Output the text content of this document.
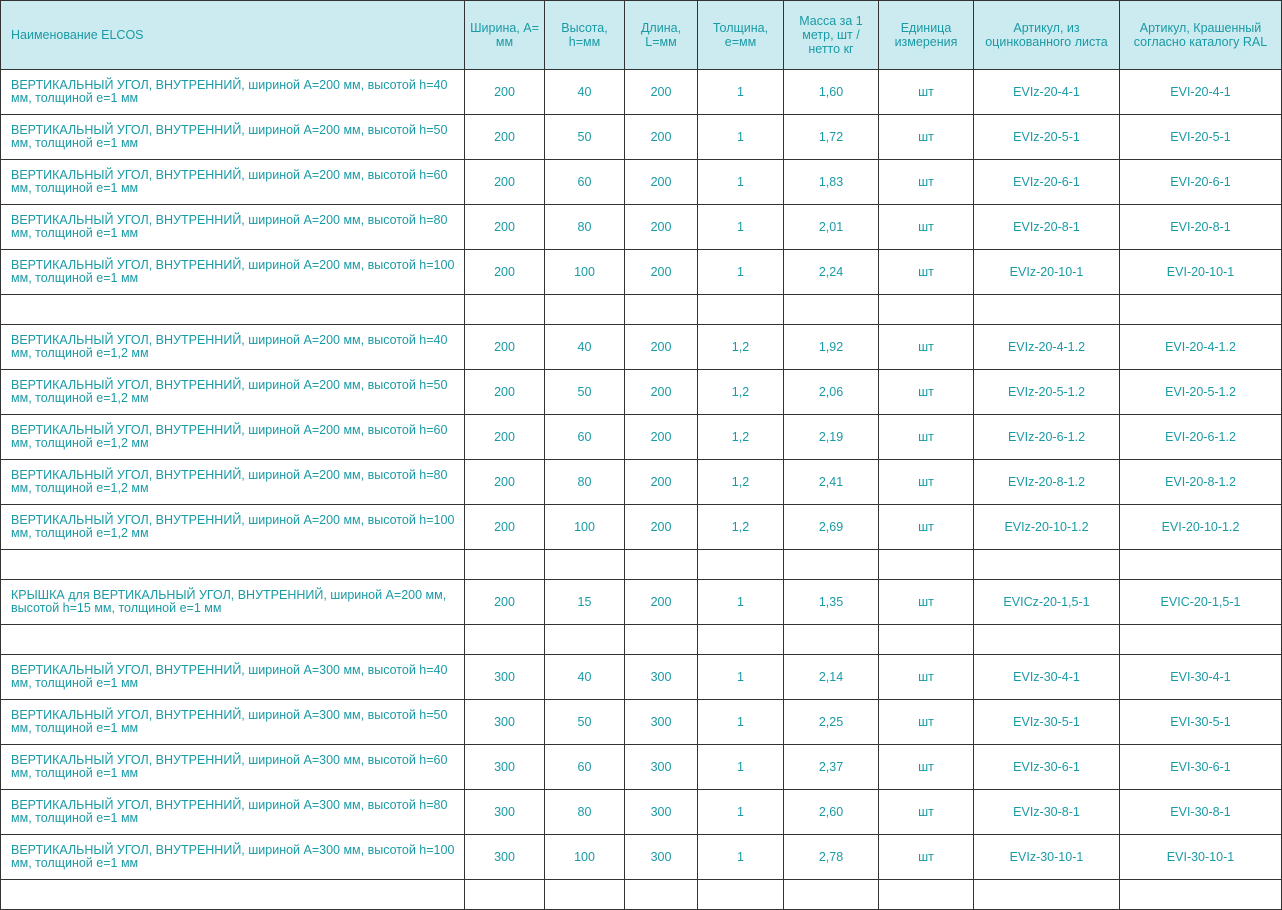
Наименование ELCOS	Ширина, А= мм	Высота, h=мм	Длина, L=мм	Толщина, е=мм	Масса за 1 метр, шт / нетто кг	Единица измерения	Артикул, из оцинкованного листа	Артикул, Крашенный согласно каталогу RAL
ВЕРТИКАЛЬНЫЙ УГОЛ, ВНУТРЕННИЙ, шириной А=200 мм, высотой h=40 мм, толщиной е=1 мм	200	40	200	1	1,60	шт	EVIz-20-4-1	EVI-20-4-1
ВЕРТИКАЛЬНЫЙ УГОЛ, ВНУТРЕННИЙ, шириной А=200 мм, высотой h=50 мм, толщиной е=1 мм	200	50	200	1	1,72	шт	EVIz-20-5-1	EVI-20-5-1
ВЕРТИКАЛЬНЫЙ УГОЛ, ВНУТРЕННИЙ, шириной А=200 мм, высотой h=60 мм, толщиной е=1 мм	200	60	200	1	1,83	шт	EVIz-20-6-1	EVI-20-6-1
ВЕРТИКАЛЬНЫЙ УГОЛ, ВНУТРЕННИЙ, шириной А=200 мм, высотой h=80 мм, толщиной е=1 мм	200	80	200	1	2,01	шт	EVIz-20-8-1	EVI-20-8-1
ВЕРТИКАЛЬНЫЙ УГОЛ, ВНУТРЕННИЙ, шириной А=200 мм, высотой h=100 мм, толщиной е=1 мм	200	100	200	1	2,24	шт	EVIz-20-10-1	EVI-20-10-1

ВЕРТИКАЛЬНЫЙ УГОЛ, ВНУТРЕННИЙ, шириной А=200 мм, высотой h=40 мм, толщиной е=1,2 мм	200	40	200	1,2	1,92	шт	EVIz-20-4-1.2	EVI-20-4-1.2
ВЕРТИКАЛЬНЫЙ УГОЛ, ВНУТРЕННИЙ, шириной А=200 мм, высотой h=50 мм, толщиной е=1,2 мм	200	50	200	1,2	2,06	шт	EVIz-20-5-1.2	EVI-20-5-1.2
ВЕРТИКАЛЬНЫЙ УГОЛ, ВНУТРЕННИЙ, шириной А=200 мм, высотой h=60 мм, толщиной е=1,2 мм	200	60	200	1,2	2,19	шт	EVIz-20-6-1.2	EVI-20-6-1.2
ВЕРТИКАЛЬНЫЙ УГОЛ, ВНУТРЕННИЙ, шириной А=200 мм, высотой h=80 мм, толщиной е=1,2 мм	200	80	200	1,2	2,41	шт	EVIz-20-8-1.2	EVI-20-8-1.2
ВЕРТИКАЛЬНЫЙ УГОЛ, ВНУТРЕННИЙ, шириной А=200 мм, высотой h=100 мм, толщиной е=1,2 мм	200	100	200	1,2	2,69	шт	EVIz-20-10-1.2	EVI-20-10-1.2

КРЫШКА для ВЕРТИКАЛЬНЫЙ УГОЛ, ВНУТРЕННИЙ, шириной А=200 мм, высотой h=15 мм, толщиной е=1 мм	200	15	200	1	1,35	шт	EVICz-20-1,5-1	EVIC-20-1,5-1

ВЕРТИКАЛЬНЫЙ УГОЛ, ВНУТРЕННИЙ, шириной А=300 мм, высотой h=40 мм, толщиной е=1 мм	300	40	300	1	2,14	шт	EVIz-30-4-1	EVI-30-4-1
ВЕРТИКАЛЬНЫЙ УГОЛ, ВНУТРЕННИЙ, шириной А=300 мм, высотой h=50 мм, толщиной е=1 мм	300	50	300	1	2,25	шт	EVIz-30-5-1	EVI-30-5-1
ВЕРТИКАЛЬНЫЙ УГОЛ, ВНУТРЕННИЙ, шириной А=300 мм, высотой h=60 мм, толщиной е=1 мм	300	60	300	1	2,37	шт	EVIz-30-6-1	EVI-30-6-1
ВЕРТИКАЛЬНЫЙ УГОЛ, ВНУТРЕННИЙ, шириной А=300 мм, высотой h=80 мм, толщиной е=1 мм	300	80	300	1	2,60	шт	EVIz-30-8-1	EVI-30-8-1
ВЕРТИКАЛЬНЫЙ УГОЛ, ВНУТРЕННИЙ, шириной А=300 мм, высотой h=100 мм, толщиной е=1 мм	300	100	300	1	2,78	шт	EVIz-30-10-1	EVI-30-10-1
